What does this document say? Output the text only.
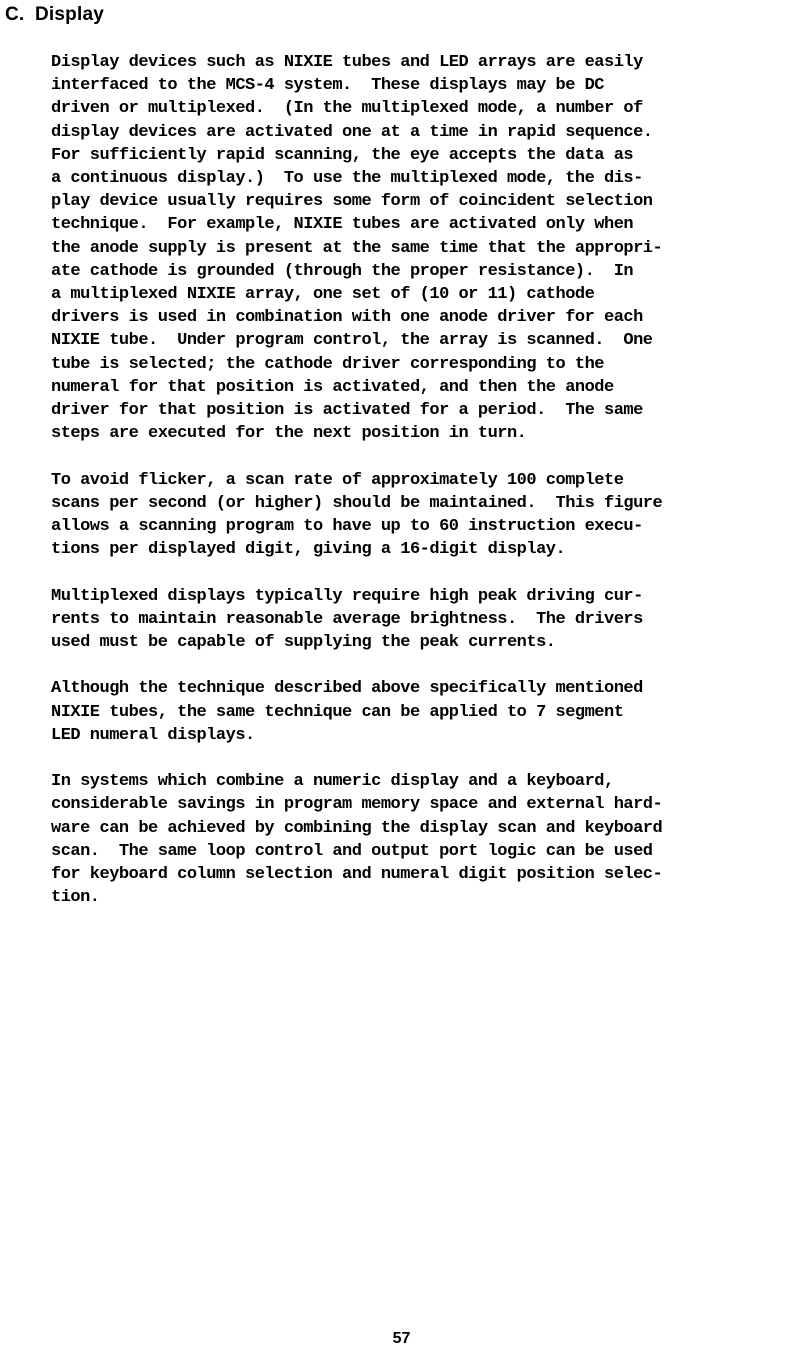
C. Display

Display devices such as NIXIE tubes and LED arrays are easily
interfaced to the MCS-4 system.  These displays may be DC
driven or multiplexed.  (In the multiplexed mode, a number of
display devices are activated one at a time in rapid sequence.
For sufficiently rapid scanning, the eye accepts the data as
a continuous display.)  To use the multiplexed mode, the dis-
play device usually requires some form of coincident selection
technique.  For example, NIXIE tubes are activated only when
the anode supply is present at the same time that the appropri-
ate cathode is grounded (through the proper resistance).  In
a multiplexed NIXIE array, one set of (10 or 11) cathode
drivers is used in combination with one anode driver for each
NIXIE tube.  Under program control, the array is scanned.  One
tube is selected; the cathode driver corresponding to the
numeral for that position is activated, and then the anode
driver for that position is activated for a period.  The same
steps are executed for the next position in turn.

To avoid flicker, a scan rate of approximately 100 complete
scans per second (or higher) should be maintained.  This figure
allows a scanning program to have up to 60 instruction execu-
tions per displayed digit, giving a 16-digit display.

Multiplexed displays typically require high peak driving cur-
rents to maintain reasonable average brightness.  The drivers
used must be capable of supplying the peak currents.

Although the technique described above specifically mentioned
NIXIE tubes, the same technique can be applied to 7 segment
LED numeral displays.

In systems which combine a numeric display and a keyboard,
considerable savings in program memory space and external hard-
ware can be achieved by combining the display scan and keyboard
scan.  The same loop control and output port logic can be used
for keyboard column selection and numeral digit position selec-
tion.

57
